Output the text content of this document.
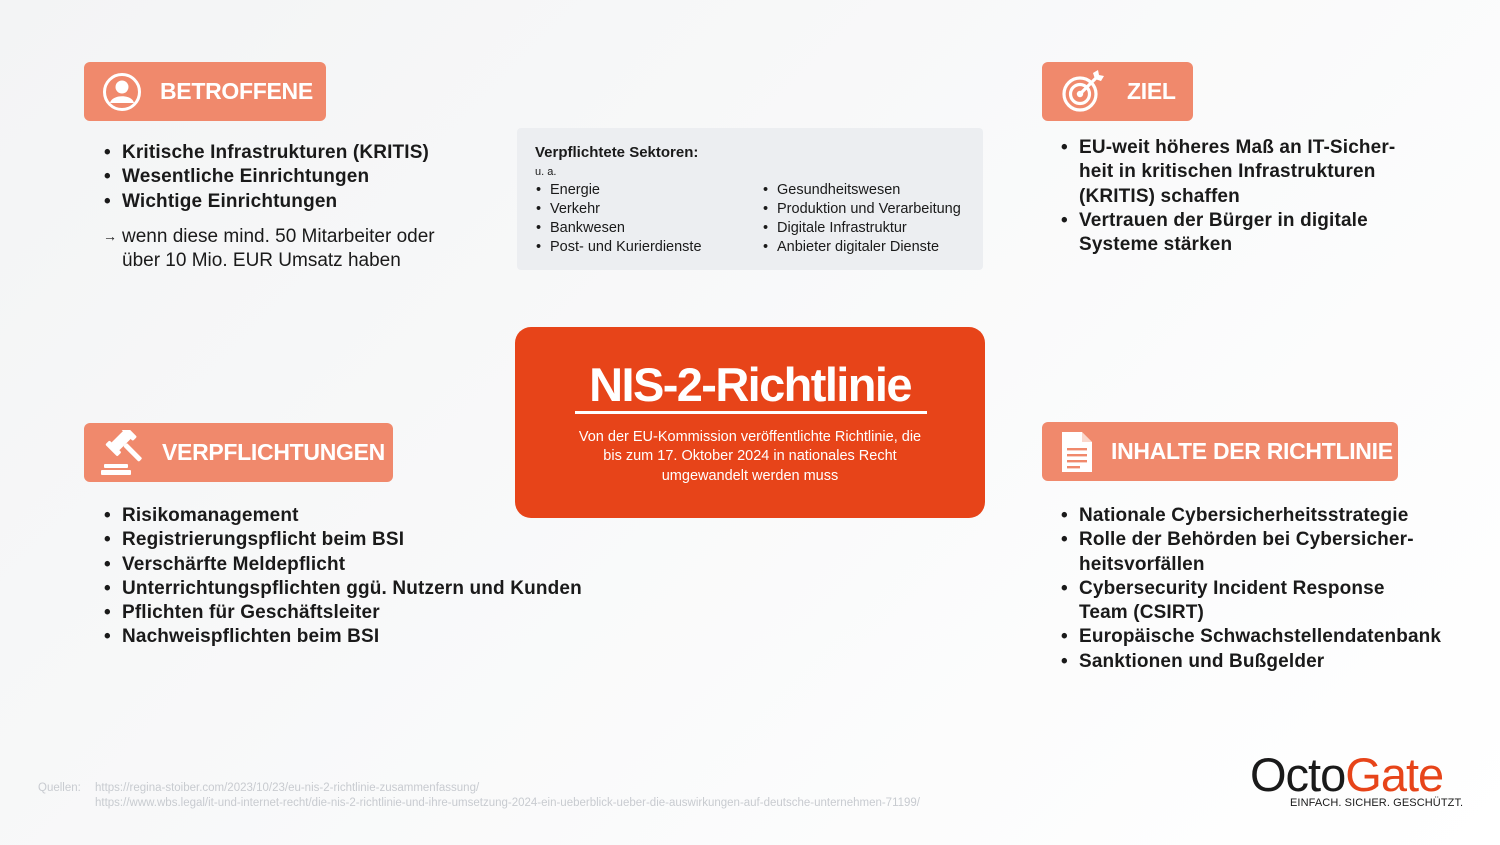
BETROFFENE
• Kritische Infrastrukturen (KRITIS)
• Wesentliche Einrichtungen
• Wichtige Einrichtungen
→ wenn diese mind. 50 Mitarbeiter oder
über 10 Mio. EUR Umsatz haben
Verpflichtete Sektoren:
u. a.
• Energie
• Verkehr
• Bankwesen
• Post- und Kurierdienste
• Gesundheitswesen
• Produktion und Verarbeitung
• Digitale Infrastruktur
• Anbieter digitaler Dienste
ZIEL
• EU-weit höheres Maß an IT-Sicher-
heit in kritischen Infrastrukturen
(KRITIS) schaffen
• Vertrauen der Bürger in digitale
Systeme stärken
NIS-2-Richtlinie
Von der EU-Kommission veröffentlichte Richtlinie, die
bis zum 17. Oktober 2024 in nationales Recht
umgewandelt werden muss
VERPFLICHTUNGEN
• Risikomanagement
• Registrierungspflicht beim BSI
• Verschärfte Meldepflicht
• Unterrichtungspflichten ggü. Nutzern und Kunden
• Pflichten für Geschäftsleiter
• Nachweispflichten beim BSI
INHALTE DER RICHTLINIE
• Nationale Cybersicherheitsstrategie
• Rolle der Behörden bei Cybersicher-
heitsvorfällen
• Cybersecurity Incident Response
Team (CSIRT)
• Europäische Schwachstellendatenbank
• Sanktionen und Bußgelder
Quellen: https://regina-stoiber.com/2023/10/23/eu-nis-2-richtlinie-zusammenfassung/
https://www.wbs.legal/it-und-internet-recht/die-nis-2-richtlinie-und-ihre-umsetzung-2024-ein-ueberblick-ueber-die-auswirkungen-auf-deutsche-unternehmen-71199/
OctoGate
EINFACH. SICHER. GESCHÜTZT.
